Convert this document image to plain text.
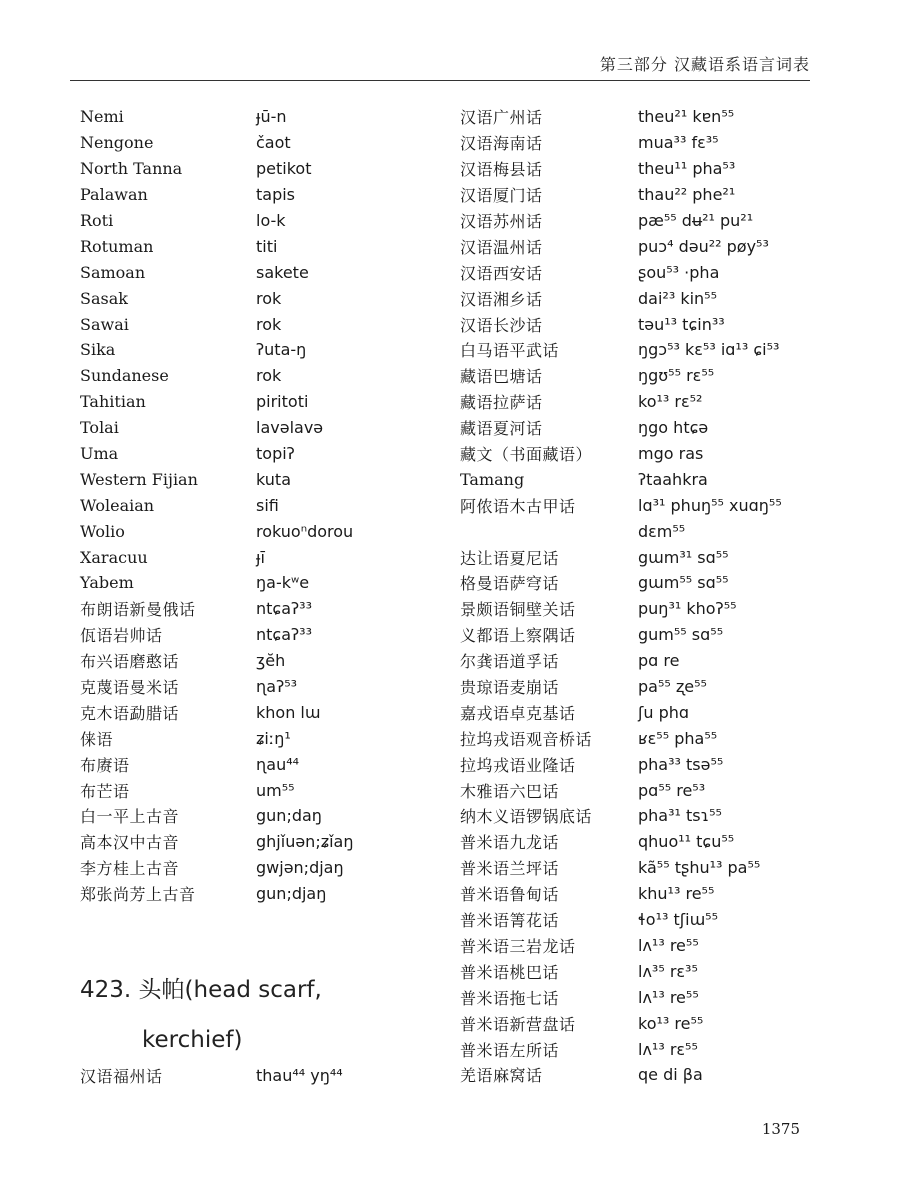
第三部分 汉藏语系语言词表
Nemi	ɟū-n
Nengone	čaot
North Tanna	petikot
Palawan	tapis
Roti	lo-k
Rotuman	titi
Samoan	sakete
Sasak	rok
Sawai	rok
Sika	ʔuta-ŋ
Sundanese	rok
Tahitian	piritoti
Tolai	lavəlavə
Uma	topiʔ
Western Fijian	kuta
Woleaian	sifi
Wolio	rokuoⁿdorou
Xaracuu	ɟī
Yabem	ŋa-kʷe
布朗语新曼俄话	ntɕaʔ³³
佤语岩帅话	ntɕaʔ³³
布兴语磨憨话	ʒĕh
克蔑语曼米话	ɳaʔ⁵³
克木语勐腊话	khon lɯ
俫语	ʑiːŋ¹
布赓语	ɳau⁴⁴
布芒语	um⁵⁵
白一平上古音	gun;daŋ
高本汉中古音	ghjǐuən;ʑǐaŋ
李方桂上古音	gwjən;djaŋ
郑张尚芳上古音	gun;djaŋ
423. 头帕(head scarf,
kerchief)
汉语福州话	thau⁴⁴ yŋ⁴⁴
汉语广州话	theu²¹ kɐn⁵⁵
汉语海南话	mua³³ fɛ³⁵
汉语梅县话	theu¹¹ pha⁵³
汉语厦门话	thau²² phe²¹
汉语苏州话	pæ⁵⁵ dʉ²¹ pu²¹
汉语温州话	puɔ⁴ dəu²² pøy⁵³
汉语西安话	ʂou⁵³ ·pha
汉语湘乡话	dai²³ kin⁵⁵
汉语长沙话	təu¹³ tɕin³³
白马语平武话	ŋgɔ⁵³ kɛ⁵³ iɑ¹³ ɕi⁵³
藏语巴塘话	ŋgʊ⁵⁵ rɛ⁵⁵
藏语拉萨话	ko¹³ rɛ⁵²
藏语夏河话	ŋgo htɕə
藏文（书面藏语）	mgo ras
Tamang	ʔtaahkra
阿侬语木古甲话	lɑ³¹ phuŋ⁵⁵ xuɑŋ⁵⁵
dɛm⁵⁵
达让语夏尼话	gɯm³¹ sɑ⁵⁵
格曼语萨穹话	gɯm⁵⁵ sɑ⁵⁵
景颇语铜壁关话	puŋ³¹ khoʔ⁵⁵
义都语上察隅话	gum⁵⁵ sɑ⁵⁵
尔龚语道孚话	pɑ re
贵琼语麦崩话	pa⁵⁵ ʐe⁵⁵
嘉戎语卓克基话	ʃu phɑ
拉坞戎语观音桥话	ʁɛ⁵⁵ pha⁵⁵
拉坞戎语业隆话	pha³³ tsə⁵⁵
木雅语六巴话	pɑ⁵⁵ re⁵³
纳木义语锣锅底话	pha³¹ tsɿ⁵⁵
普米语九龙话	qhuo¹¹ tɕu⁵⁵
普米语兰坪话	kã⁵⁵ tʂhu¹³ pa⁵⁵
普米语鲁甸话	khu¹³ re⁵⁵
普米语箐花话	ɬo¹³ tʃiɯ⁵⁵
普米语三岩龙话	lʌ¹³ re⁵⁵
普米语桃巴话	lʌ³⁵ rɛ³⁵
普米语拖七话	lʌ¹³ re⁵⁵
普米语新营盘话	ko¹³ re⁵⁵
普米语左所话	lʌ¹³ rɛ⁵⁵
羌语麻窝话	qe di βa
1375
